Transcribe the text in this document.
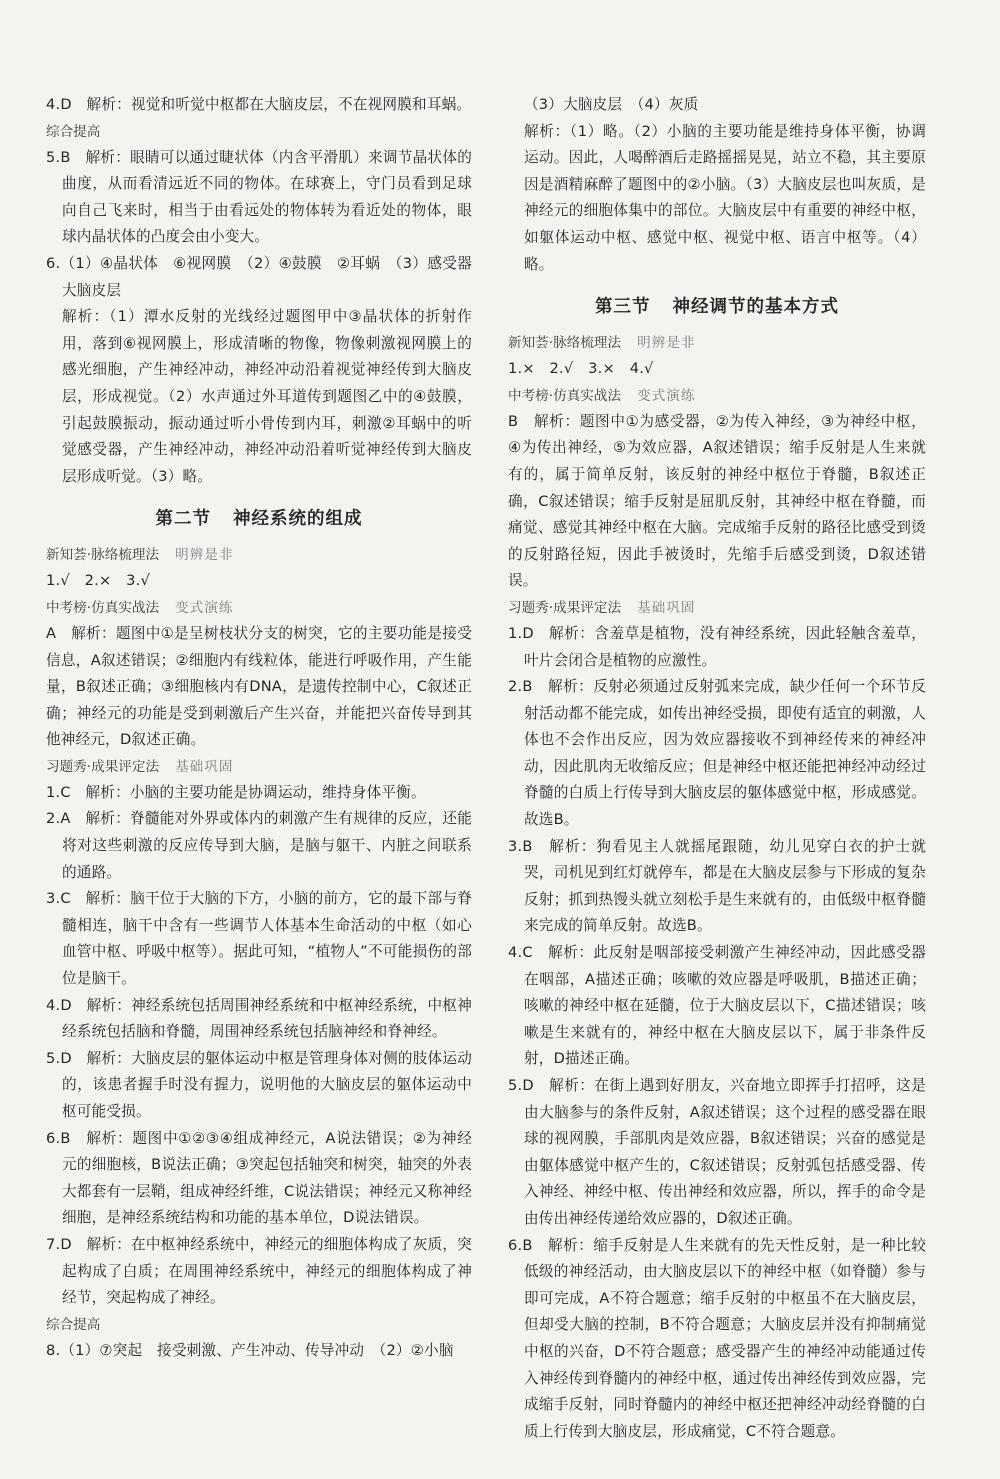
4.D　解析：视觉和听觉中枢都在大脑皮层，不在视网膜和耳蜗。

综合提高

5.B　解析：眼睛可以通过睫状体（内含平滑肌）来调节晶状体的曲度，从而看清远近不同的物体。在球赛上，守门员看到足球向自己飞来时，相当于由看远处的物体转为看近处的物体，眼球内晶状体的凸度会由小变大。

6.（1）④晶状体　⑥视网膜　（2）④鼓膜　②耳蜗　（3）感受器　大脑皮层

解析：（1）潭水反射的光线经过题图甲中③晶状体的折射作用，落到⑥视网膜上，形成清晰的物像，物像刺激视网膜上的感光细胞，产生神经冲动，神经冲动沿着视觉神经传到大脑皮层，形成视觉。（2）水声通过外耳道传到题图乙中的④鼓膜，引起鼓膜振动，振动通过听小骨传到内耳，刺激②耳蜗中的听觉感受器，产生神经冲动，神经冲动沿着听觉神经传到大脑皮层形成听觉。（3）略。

第二节 神经系统的组成

新知荟·脉络梳理法 明辨是非

1.√　2.×　3.√

中考榜·仿真实战法 变式演练

A　解析：题图中①是呈树枝状分支的树突，它的主要功能是接受信息，A叙述错误；②细胞内有线粒体，能进行呼吸作用，产生能量，B叙述正确；③细胞核内有DNA，是遗传控制中心，C叙述正确；神经元的功能是受到刺激后产生兴奋，并能把兴奋传导到其他神经元，D叙述正确。

习题秀·成果评定法 基础巩固

1.C　解析：小脑的主要功能是协调运动，维持身体平衡。

2.A　解析：脊髓能对外界或体内的刺激产生有规律的反应，还能将对这些刺激的反应传导到大脑，是脑与躯干、内脏之间联系的通路。

3.C　解析：脑干位于大脑的下方，小脑的前方，它的最下部与脊髓相连，脑干中含有一些调节人体基本生命活动的中枢（如心血管中枢、呼吸中枢等）。据此可知，“植物人”不可能损伤的部位是脑干。

4.D　解析：神经系统包括周围神经系统和中枢神经系统，中枢神经系统包括脑和脊髓，周围神经系统包括脑神经和脊神经。

5.D　解析：大脑皮层的躯体运动中枢是管理身体对侧的肢体运动的，该患者握手时没有握力，说明他的大脑皮层的躯体运动中枢可能受损。

6.B　解析：题图中①②③④组成神经元，A说法错误；②为神经元的细胞核，B说法正确；③突起包括轴突和树突，轴突的外表大都套有一层鞘，组成神经纤维，C说法错误；神经元又称神经细胞，是神经系统结构和功能的基本单位，D说法错误。

7.D　解析：在中枢神经系统中，神经元的细胞体构成了灰质，突起构成了白质；在周围神经系统中，神经元的细胞体构成了神经节，突起构成了神经。

综合提高

8.（1）⑦突起　接受刺激、产生冲动、传导冲动　（2）②小脑

（3）大脑皮层　（4）灰质

解析：（1）略。（2）小脑的主要功能是维持身体平衡，协调运动。因此，人喝醉酒后走路摇摇晃晃，站立不稳，其主要原因是酒精麻醉了题图中的②小脑。（3）大脑皮层也叫灰质，是神经元的细胞体集中的部位。大脑皮层中有重要的神经中枢，如躯体运动中枢、感觉中枢、视觉中枢、语言中枢等。（4）略。

第三节 神经调节的基本方式

新知荟·脉络梳理法 明辨是非

1.×　2.√　3.×　4.√

中考榜·仿真实战法 变式演练

B　解析：题图中①为感受器，②为传入神经，③为神经中枢，④为传出神经，⑤为效应器，A叙述错误；缩手反射是人生来就有的，属于简单反射，该反射的神经中枢位于脊髓，B叙述正确，C叙述错误；缩手反射是屈肌反射，其神经中枢在脊髓，而痛觉、感觉其神经中枢在大脑。完成缩手反射的路径比感受到烫的反射路径短，因此手被烫时，先缩手后感受到烫，D叙述错误。

习题秀·成果评定法 基础巩固

1.D　解析：含羞草是植物，没有神经系统，因此轻触含羞草，叶片会闭合是植物的应激性。

2.B　解析：反射必须通过反射弧来完成，缺少任何一个环节反射活动都不能完成，如传出神经受损，即使有适宜的刺激，人体也不会作出反应，因为效应器接收不到神经传来的神经冲动，因此肌肉无收缩反应；但是神经中枢还能把神经冲动经过脊髓的白质上行传导到大脑皮层的躯体感觉中枢，形成感觉。故选B。

3.B　解析：狗看见主人就摇尾跟随，幼儿见穿白衣的护士就哭，司机见到红灯就停车，都是在大脑皮层参与下形成的复杂反射；抓到热馒头就立刻松手是生来就有的，由低级中枢脊髓来完成的简单反射。故选B。

4.C　解析：此反射是咽部接受刺激产生神经冲动，因此感受器在咽部，A描述正确；咳嗽的效应器是呼吸肌，B描述正确；咳嗽的神经中枢在延髓，位于大脑皮层以下，C描述错误；咳嗽是生来就有的，神经中枢在大脑皮层以下，属于非条件反射，D描述正确。

5.D　解析：在街上遇到好朋友，兴奋地立即挥手打招呼，这是由大脑参与的条件反射，A叙述错误；这个过程的感受器在眼球的视网膜，手部肌肉是效应器，B叙述错误；兴奋的感觉是由躯体感觉中枢产生的，C叙述错误；反射弧包括感受器、传入神经、神经中枢、传出神经和效应器，所以，挥手的命令是由传出神经传递给效应器的，D叙述正确。

6.B　解析：缩手反射是人生来就有的先天性反射，是一种比较低级的神经活动，由大脑皮层以下的神经中枢（如脊髓）参与即可完成，A不符合题意；缩手反射的中枢虽不在大脑皮层，但却受大脑的控制，B不符合题意；大脑皮层并没有抑制痛觉中枢的兴奋，D不符合题意；感受器产生的神经冲动能通过传入神经传到脊髓内的神经中枢，通过传出神经传到效应器，完成缩手反射，同时脊髓内的神经中枢还把神经冲动经脊髓的白质上行传到大脑皮层，形成痛觉，C不符合题意。
